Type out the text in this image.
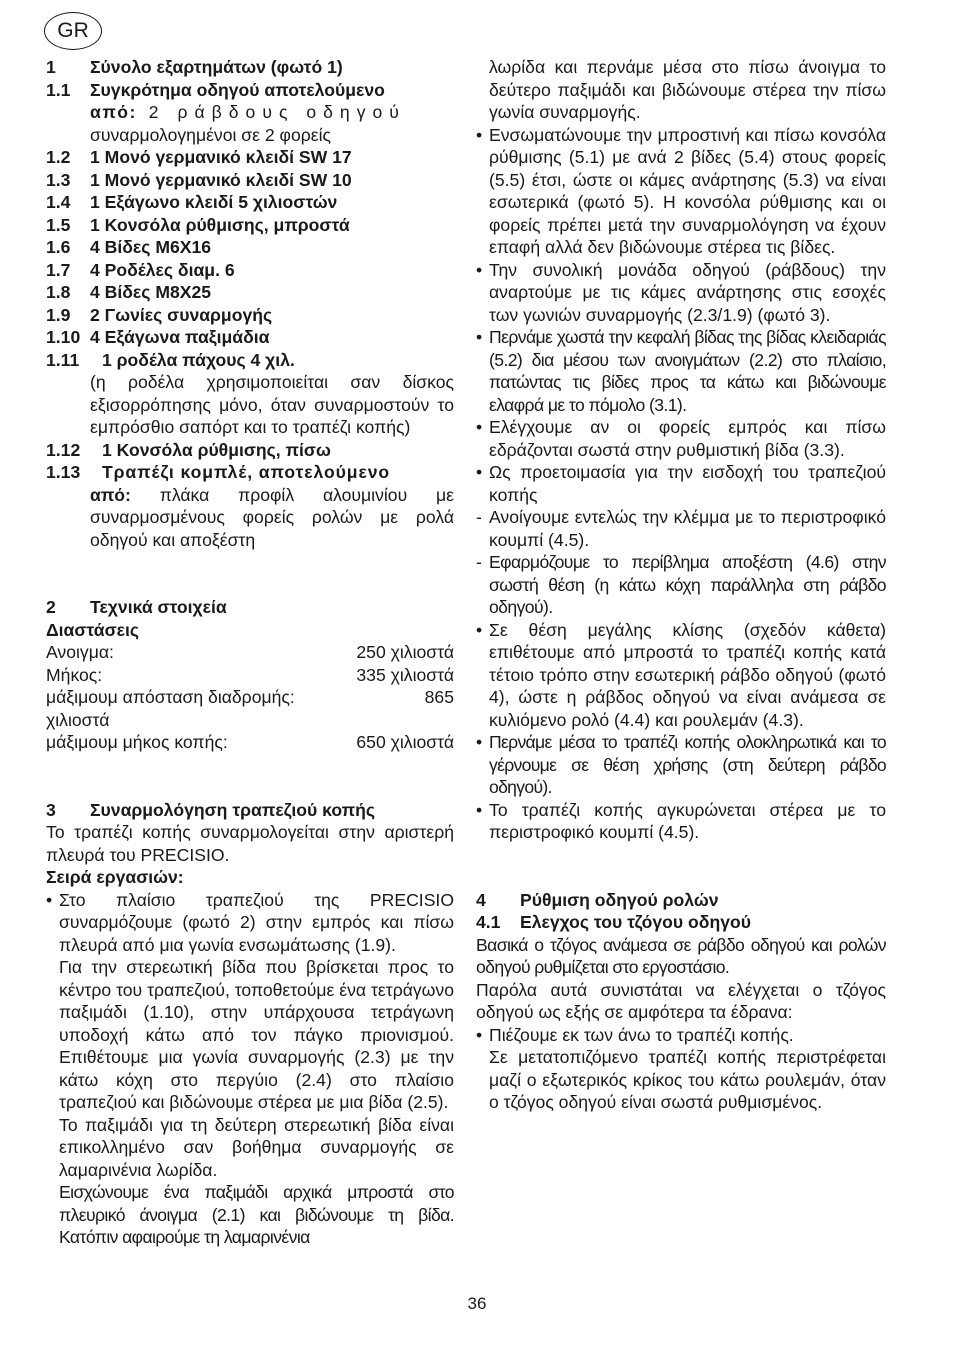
GR
1	Σύνολο εξαρτημάτων (φωτό 1)
1.1	Συγκρότημα οδηγού αποτελούμενο
από: 2 ράβδους οδηγού
συναρμολογημένοι σε 2 φορείς
1.2	1 Μονό γερμανικό κλειδί SW 17
1.3	1 Μονό γερμανικό κλειδί SW 10
1.4	1 Εξάγωνο κλειδί 5 χιλιοστών
1.5	1 Κονσόλα ρύθμισης, μπροστά
1.6	4 Βίδες M6X16
1.7	4 Ροδέλες διαμ. 6
1.8	4 Βίδες M8X25
1.9	2 Γωνίες συναρμογής
1.10 4 Εξάγωνα παξιμάδια
1.11	1 ροδέλα πάχους 4 χιλ.
(η ροδέλα χρησιμοποιείται σαν δίσκος εξισορρόπησης μόνο, όταν συναρμοστούν το εμπρόσθιο σαπόρτ και το τραπέζι κοπής)
1.12	1 Κονσόλα ρύθμισης, πίσω
1.13	Τραπέζι κομπλέ, αποτελούμενο
από: πλάκα προφίλ αλουμινίου με συναρμοσμένους φορείς ρολών με ρολά οδηγού και αποξέστη
2	Τεχνικά στοιχεία
Διαστάσεις
Ανοιγμα:	250 χιλιοστά
Μήκος:	335 χιλιοστά
μάξιμουμ απόσταση διαδρομής:	865
χιλιοστά
μάξιμουμ μήκος κοπής:	650 χιλιοστά
3	Συναρμολόγηση τραπεζιού κοπής
Το τραπέζι κοπής συναρμολογείται στην αριστερή πλευρά του PRECISIO.
Σειρά εργασιών:
• Στο πλαίσιο τραπεζιού της PRECISIO συναρμόζουμε (φωτό 2) στην εμπρός και πίσω πλευρά από μια γωνία ενσωμάτωσης (1.9).
Για την στερεωτική βίδα που βρίσκεται προς το κέντρο του τραπεζιού, τοποθετούμε ένα τετράγωνο παξιμάδι (1.10), στην υπάρχουσα τετράγωνη υποδοχή κάτω από τον πάγκο πριονισμού. Επιθέτουμε μια γωνία συναρμογής (2.3) με την κάτω κόχη στο περγύιο (2.4) στο πλαίσιο τραπεζιού και βιδώνουμε στέρεα με μια βίδα (2.5).
Το παξιμάδι για τη δεύτερη στερεωτική βίδα είναι επικολλημένο σαν βοήθημα συναρμογής σε λαμαρινένια λωρίδα.
Εισχώνουμε ένα παξιμάδι αρχικά μπροστά στο πλευρικό άνοιγμα (2.1) και βιδώνουμε τη βίδα. Κατόπιν αφαιρούμε τη λαμαρινένια
λωρίδα και περνάμε μέσα στο πίσω άνοιγμα το δεύτερο παξιμάδι και βιδώνουμε στέρεα την πίσω γωνία συναρμογής.
• Ενσωματώνουμε την μπροστινή και πίσω κονσόλα ρύθμισης (5.1) με ανά 2 βίδες (5.4) στους φορείς (5.5) έτσι, ώστε οι κάμες ανάρτησης (5.3) να είναι εσωτερικά (φωτό 5). Η κονσόλα ρύθμισης και οι φορείς πρέπει μετά την συναρμολόγηση να έχουν επαφή αλλά δεν βιδώνουμε στέρεα τις βίδες.
• Την συνολική μονάδα οδηγού (ράβδους) την αναρτούμε με τις κάμες ανάρτησης στις εσοχές των γωνιών συναρμογής (2.3/1.9) (φωτό 3).
• Περνάμε χωστά την κεφαλή βίδας της βίδας κλειδαριάς (5.2) δια μέσου των ανοιγμάτων (2.2) στο πλαίσιο, πατώντας τις βίδες προς τα κάτω και βιδώνουμε ελαφρά με το πόμολο (3.1).
• Ελέγχουμε αν οι φορείς εμπρός και πίσω εδράζονται σωστά στην ρυθμιστική βίδα (3.3).
• Ως προετοιμασία για την εισδοχή του τραπεζιού κοπής
- Ανοίγουμε εντελώς την κλέμμα με το περιστροφικό κουμπί (4.5).
- Εφαρμόζουμε το περίβλημα αποξέστη (4.6) στην σωστή θέση (η κάτω κόχη παράλληλα στη ράβδο οδηγού).
• Σε θέση μεγάλης κλίσης (σχεδόν κάθετα) επιθέτουμε από μπροστά το τραπέζι κοπής κατά τέτοιο τρόπο στην εσωτερική ράβδο οδηγού (φωτό 4), ώστε η ράβδος οδηγού να είναι ανάμεσα σε κυλιόμενο ρολό (4.4) και ρουλεμάν (4.3).
• Περνάμε μέσα το τραπέζι κοπής ολοκληρωτικά και το γέρνουμε σε θέση χρήσης (στη δεύτερη ράβδο οδηγού).
• Το τραπέζι κοπής αγκυρώνεται στέρεα με το περιστροφικό κουμπί (4.5).
4	Ρύθμιση οδηγού ρολών
4.1	Ελεγχος του τζόγου οδηγού
Βασικά ο τζόγος ανάμεσα σε ράβδο οδηγού και ρολών οδηγού ρυθμίζεται στο εργοστάσιο.
Παρόλα αυτά συνιστάται να ελέγχεται ο τζόγος οδηγού ως εξής σε αμφότερα τα έδρανα:
• Πιέζουμε εκ των άνω το τραπέζι κοπής.
Σε μετατοπιζόμενο τραπέζι κοπής περιστρέφεται μαζί ο εξωτερικός κρίκος του κάτω ρουλεμάν, όταν ο τζόγος οδηγού είναι σωστά ρυθμισμένος.
36
